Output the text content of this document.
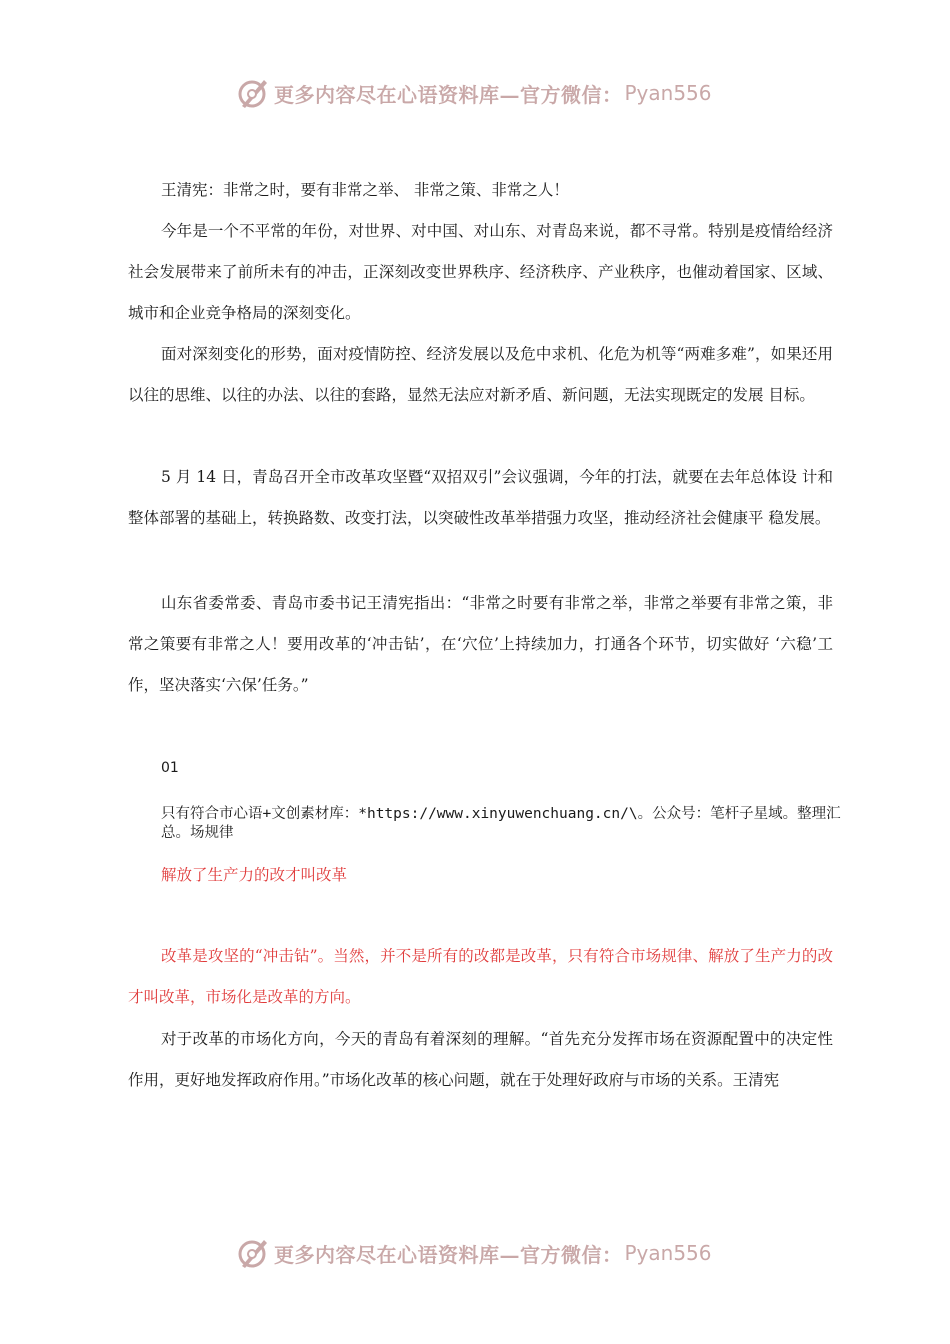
更多内容尽在心语资料库—官方微信： Pyan556
王清宪：非常之时，要有非常之举、 非常之策、非常之人！
今年是一个不平常的年份，对世界、对中国、对山东、对青岛来说，都不寻常。特别是疫情给经济社会发展带来了前所未有的冲击，正深刻改变世界秩序、经济秩序、产业秩序，也催动着国家、区域、城市和企业竞争格局的深刻变化。
面对深刻变化的形势，面对疫情防控、经济发展以及危中求机、化危为机等“两难多难”，如果还用以往的思维、以往的办法、以往的套路，显然无法应对新矛盾、新问题，无法实现既定的发展 目标。
5 月 14 日，青岛召开全市改革攻坚暨“双招双引”会议强调，今年的打法，就要在去年总体设 计和整体部署的基础上，转换路数、改变打法，以突破性改革举措强力攻坚，推动经济社会健康平 稳发展。
山东省委常委、青岛市委书记王清宪指出：“非常之时要有非常之举，非常之举要有非常之策，非常之策要有非常之人！要用改革的‘冲击钻’，在‘穴位’上持续加力，打通各个环节，切实做好 ‘六稳’工作，坚决落实‘六保’任务。”
01
只有符合市心语+文创素材库：*https://www.xinyuwenchuang.cn/\。公众号：笔杆子星域。整理汇总。场规律
解放了生产力的改才叫改革
改革是攻坚的“冲击钻”。当然，并不是所有的改都是改革，只有符合市场规律、解放了生产力的改才叫改革，市场化是改革的方向。
对于改革的市场化方向，今天的青岛有着深刻的理解。“首先充分发挥市场在资源配置中的决定性作用，更好地发挥政府作用。”市场化改革的核心问题，就在于处理好政府与市场的关系。王清宪
更多内容尽在心语资料库—官方微信： Pyan556
